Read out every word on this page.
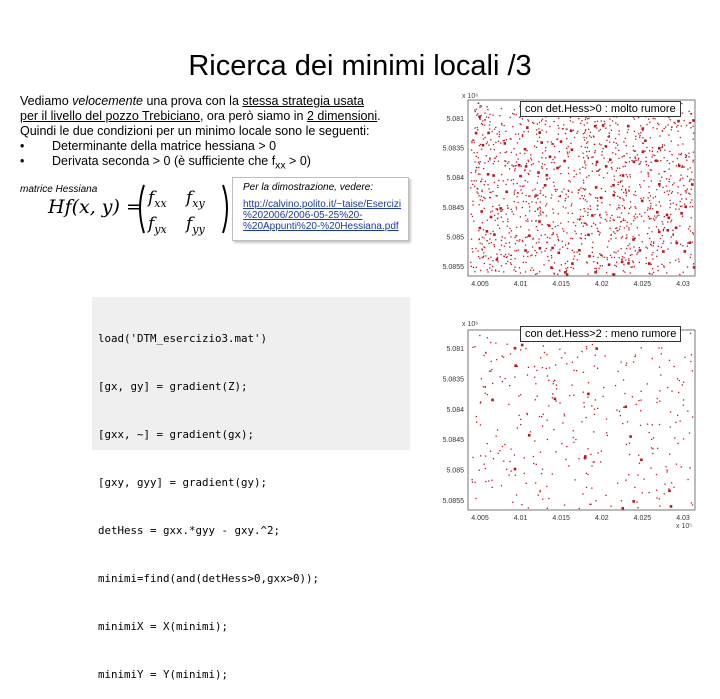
Ricerca dei minimi locali /3

Vediamo velocemente una prova con la stessa strategia usata

per il livello del pozzo Trebiciano, ora però siamo in 2 dimensioni.

Quindi le due condizioni per un minimo locale sono le seguenti:

•	Determinante della matrice hessiana > 0
•	Derivata seconda > 0 (è sufficiente che $f_{xx} > 0$)
matrice Hessiana
Hf(x, $y) = f_{xx}$ $f_{xy}$
$f_{yx}$ $f_{yy}$
Per la dimostrazione, vedere:
http://calvino.polito.it/~taise/Esercizi
%202006/2006-05-25%20-
%20Appunti%20-%20Hessiana.pdf

load('DTM_esercizio3.mat')

[gx, gy] = gradient(Z);

[gxx, ~] = gradient(gx);

[gxy, gyy] = gradient(gy);

detHess = gxx.*gyy - gxy.^2;

minimi=find(and(detHess>0,gxx>0));

minimiX = X(minimi);

minimiY = Y(minimi);

x 10⁶
5.081
5.0835
5.084
5.0845
5.085
5.0855
4.005	4.01	4.015	4.02	4.025	4.03
con det.Hess>0 : molto rumore
x 10⁶
5.081
5.0835
5.084
5.0845
5.085
5.0855
4.005	4.01	4.015	4.02	4.025	4.03
x 10⁵
con det.Hess>2 : meno rumore
